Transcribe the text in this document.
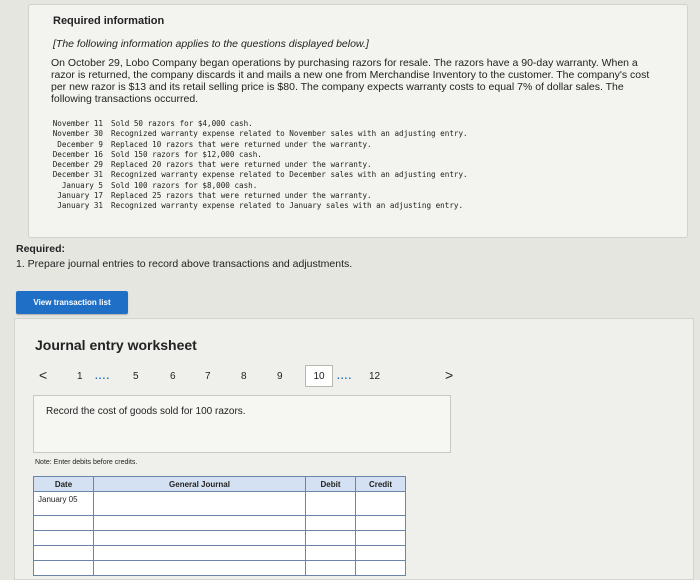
Required information
[The following information applies to the questions displayed below.]
On October 29, Lobo Company began operations by purchasing razors for resale. The razors have a 90-day warranty. When a razor is returned, the company discards it and mails a new one from Merchandise Inventory to the customer. The company's cost per new razor is $13 and its retail selling price is $80. The company expects warranty costs to equal 7% of dollar sales. The following transactions occurred.
November 11	Sold 50 razors for $4,000 cash.
November 30	Recognized warranty expense related to November sales with an adjusting entry.
December 9	Replaced 10 razors that were returned under the warranty.
December 16	Sold 150 razors for $12,000 cash.
December 29	Replaced 20 razors that were returned under the warranty.
December 31	Recognized warranty expense related to December sales with an adjusting entry.
January 5	Sold 100 razors for $8,000 cash.
January 17	Replaced 25 razors that were returned under the warranty.
January 31	Recognized warranty expense related to January sales with an adjusting entry.
Required:
1. Prepare journal entries to record above transactions and adjustments.
View transaction list
Journal entry worksheet
<	1 .... 5	6	7	8	9	10	.... 12	>
Record the cost of goods sold for 100 razors.
Note: Enter debits before credits.
Date	General Journal	Debit	Credit
January 05			
